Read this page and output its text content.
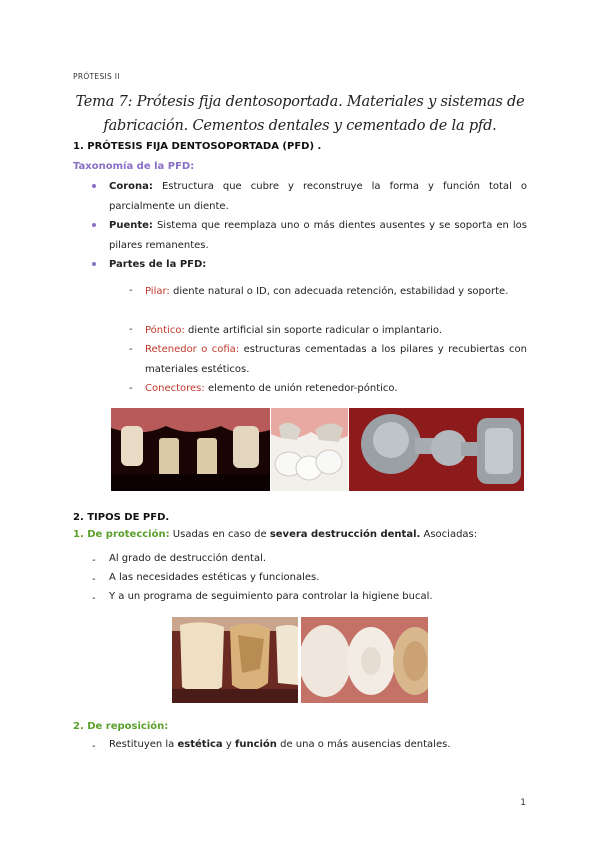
PRÓTESIS II
Tema 7: Prótesis fija dentosoportada. Materiales y sistemas de fabricación. Cementos dentales y cementado de la pfd.
1. PRÓTESIS FIJA DENTOSOPORTADA (PFD) .
Taxonomía de la PFD:
Corona: Estructura que cubre y reconstruye la forma y función total o parcialmente un diente.
Puente: Sistema que reemplaza uno o más dientes ausentes y se soporta en los pilares remanentes.
Partes de la PFD:
- Pilar: diente natural o ID, con adecuada retención, estabilidad y soporte.
- Póntico: diente artificial sin soporte radicular o implantario.
- Retenedor o cofia: estructuras cementadas a los pilares y recubiertas con materiales estéticos.
- Conectores: elemento de unión retenedor-póntico.
2. TIPOS DE PFD.
1. De protección: Usadas en caso de severa destrucción dental. Asociadas:
- Al grado de destrucción dental.
- A las necesidades estéticas y funcionales.
- Y a un programa de seguimiento para controlar la higiene bucal.
2. De reposición:
- Restituyen la estética y función de una o más ausencias dentales.
1
